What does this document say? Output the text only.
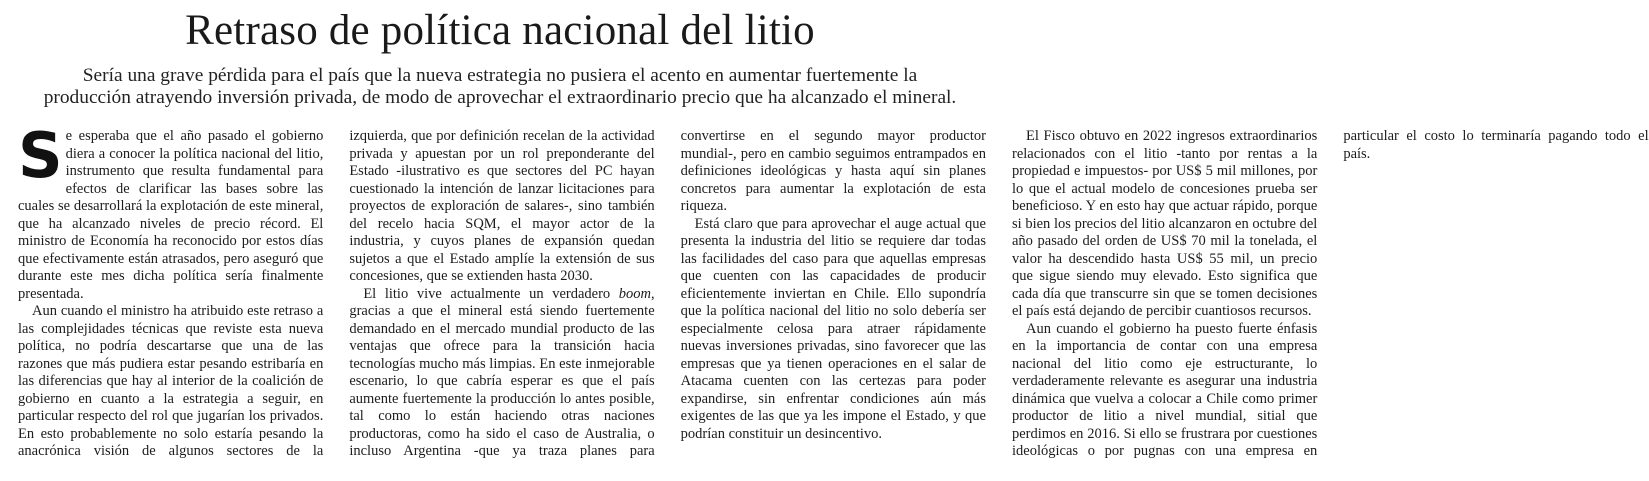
Retraso de política nacional del litio

Sería una grave pérdida para el país que la nueva estrategia no pusiera el acento en aumentar fuertemente la producción atrayendo inversión privada, de modo de aprovechar el extraordinario precio que ha alcanzado el mineral.

Se esperaba que el año pasado el gobierno diera a conocer la política nacional del litio, instrumento que resulta fundamental para efectos de clarificar las bases sobre las cuales se desarrollará la explotación de este mineral, que ha alcanzado niveles de precio récord. El ministro de Economía ha reconocido por estos días que efectivamente están atrasados, pero aseguró que durante este mes dicha política sería finalmente presentada.

Aun cuando el ministro ha atribuido este retraso a las complejidades técnicas que reviste esta nueva política, no podría descartarse que una de las razones que más pudiera estar pesando estribaría en las diferencias que hay al interior de la coalición de gobierno en cuanto a la estrategia a seguir, en particular respecto del rol que jugarían los privados. En esto probablemente no solo estaría pesando la anacrónica visión de algunos sectores de la izquierda, que por definición recelan de la actividad privada y apuestan por un rol preponderante del Estado -ilustrativo es que sectores del PC hayan cuestionado la intención de lanzar licitaciones para proyectos de exploración de salares-, sino también del recelo hacia SQM, el mayor actor de la industria, y cuyos planes de expansión quedan sujetos a que el Estado amplíe la extensión de sus concesiones, que se extienden hasta 2030.

El litio vive actualmente un verdadero boom, gracias a que el mineral está siendo fuertemente demandado en el mercado mundial producto de las ventajas que ofrece para la transición hacia tecnologías mucho más limpias. En este inmejorable escenario, lo que cabría esperar es que el país aumente fuertemente la producción lo antes posible, tal como lo están haciendo otras naciones productoras, como ha sido el caso de Australia, o incluso Argentina -que ya traza planes para convertirse en el segundo mayor productor mundial-, pero en cambio seguimos entrampados en definiciones ideológicas y hasta aquí sin planes concretos para aumentar la explotación de esta riqueza.

Está claro que para aprovechar el auge actual que presenta la industria del litio se requiere dar todas las facilidades del caso para que aquellas empresas que cuenten con las capacidades de producir eficientemente inviertan en Chile. Ello supondría que la política nacional del litio no solo debería ser especialmente celosa para atraer rápidamente nuevas inversiones privadas, sino favorecer que las empresas que ya tienen operaciones en el salar de Atacama cuenten con las certezas para poder expandirse, sin enfrentar condiciones aún más exigentes de las que ya les impone el Estado, y que podrían constituir un desincentivo.

El Fisco obtuvo en 2022 ingresos extraordinarios relacionados con el litio -tanto por rentas a la propiedad e impuestos- por US$ 5 mil millones, por lo que el actual modelo de concesiones prueba ser beneficioso. Y en esto hay que actuar rápido, porque si bien los precios del litio alcanzaron en octubre del año pasado del orden de US$ 70 mil la tonelada, el valor ha descendido hasta US$ 55 mil, un precio que sigue siendo muy elevado. Esto significa que cada día que transcurre sin que se tomen decisiones el país está dejando de percibir cuantiosos recursos.

Aun cuando el gobierno ha puesto fuerte énfasis en la importancia de contar con una empresa nacional del litio como eje estructurante, lo verdaderamente relevante es asegurar una industria dinámica que vuelva a colocar a Chile como primer productor de litio a nivel mundial, sitial que perdimos en 2016. Si ello se frustrara por cuestiones ideológicas o por pugnas con una empresa en particular el costo lo terminaría pagando todo el país.
